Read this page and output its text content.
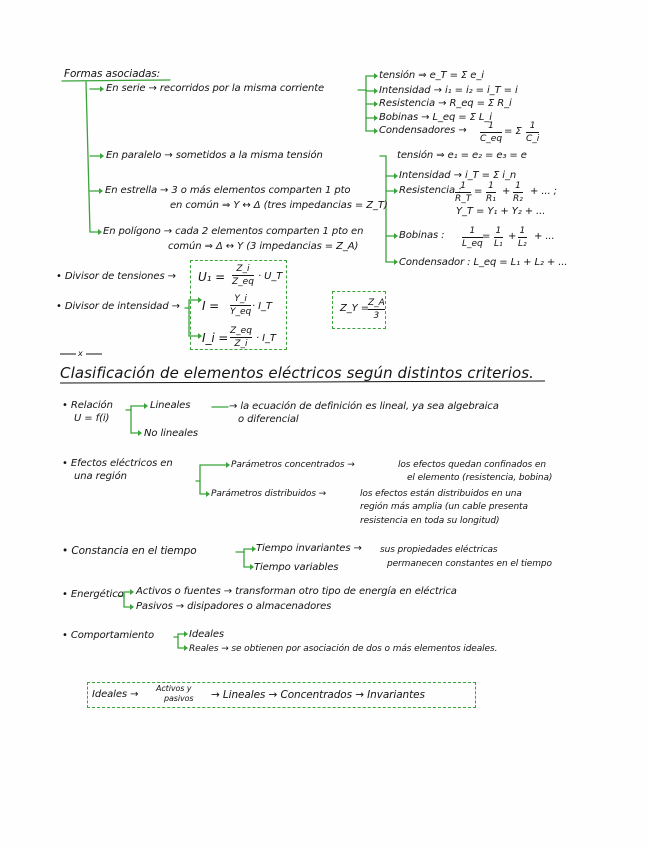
Formas asociadas:
En serie → recorridos por la misma corriente
En paralelo → sometidos a la misma tensión
En estrella → 3 o más elementos comparten 1 pto
en común ⇒ Y ↔ Δ (tres impedancias = Z_T)
En polígono → cada 2 elementos comparten 1 pto en
común ⇒ Δ ↔ Y (3 impedancias = Z_A)
tensión ⇒ e_T = Σ e_i
Intensidad → i₁ = i₂ = i_T = i
Resistencia → R_eq = Σ R_i
Bobinas → L_eq = Σ L_i
Condensadores → 1
C_eq
= Σ 1
C_i
tensión ⇒ e₁ = e₂ = e₃ = e
Intensidad → i_T = Σ i_n
Resistencia :
1
R_T
= 1
R₁
+ 1
R₂
+ ... ;
Y_T = Y₁ + Y₂ + ...
Bobinas :	1
L_eq
= 1
L₁
+ 1
L₂
+ ...
Condensador : L_eq = L₁ + L₂ + ...
• Divisor de tensiones → U₁ =
Z_i
Z_eq · U_T
• Divisor de intensidad → I = Y_i
Y_eq · I_T
I_i = Z_eq
Z_i · I_T
Z_Y =
Z_A
3
x
Clasificación de elementos eléctricos según distintos criterios.
• Relación
U = f(i)
Lineales	→ la ecuación de definición es lineal, ya sea algebraica
o diferencial
No lineales
• Efectos eléctricos en
una región
Parámetros concentrados →	los efectos quedan confinados en
el elemento (resistencia, bobina)
Parámetros distribuidos →	los efectos están distribuidos en una
región más amplia (un cable presenta
resistencia en toda su longitud)
• Constancia en el tiempo	Tiempo invariantes → sus propiedades eléctricas
permanecen constantes en el tiempo
Tiempo variables
• Energético Activos o fuentes → transforman otro tipo de energía en eléctrica
Pasivos → disipadores o almacenadores
• Comportamiento	Ideales
Reales → se obtienen por asociación de dos o más elementos ideales.
Ideales →
Activos y
pasivos → Lineales → Concentrados → Invariantes
